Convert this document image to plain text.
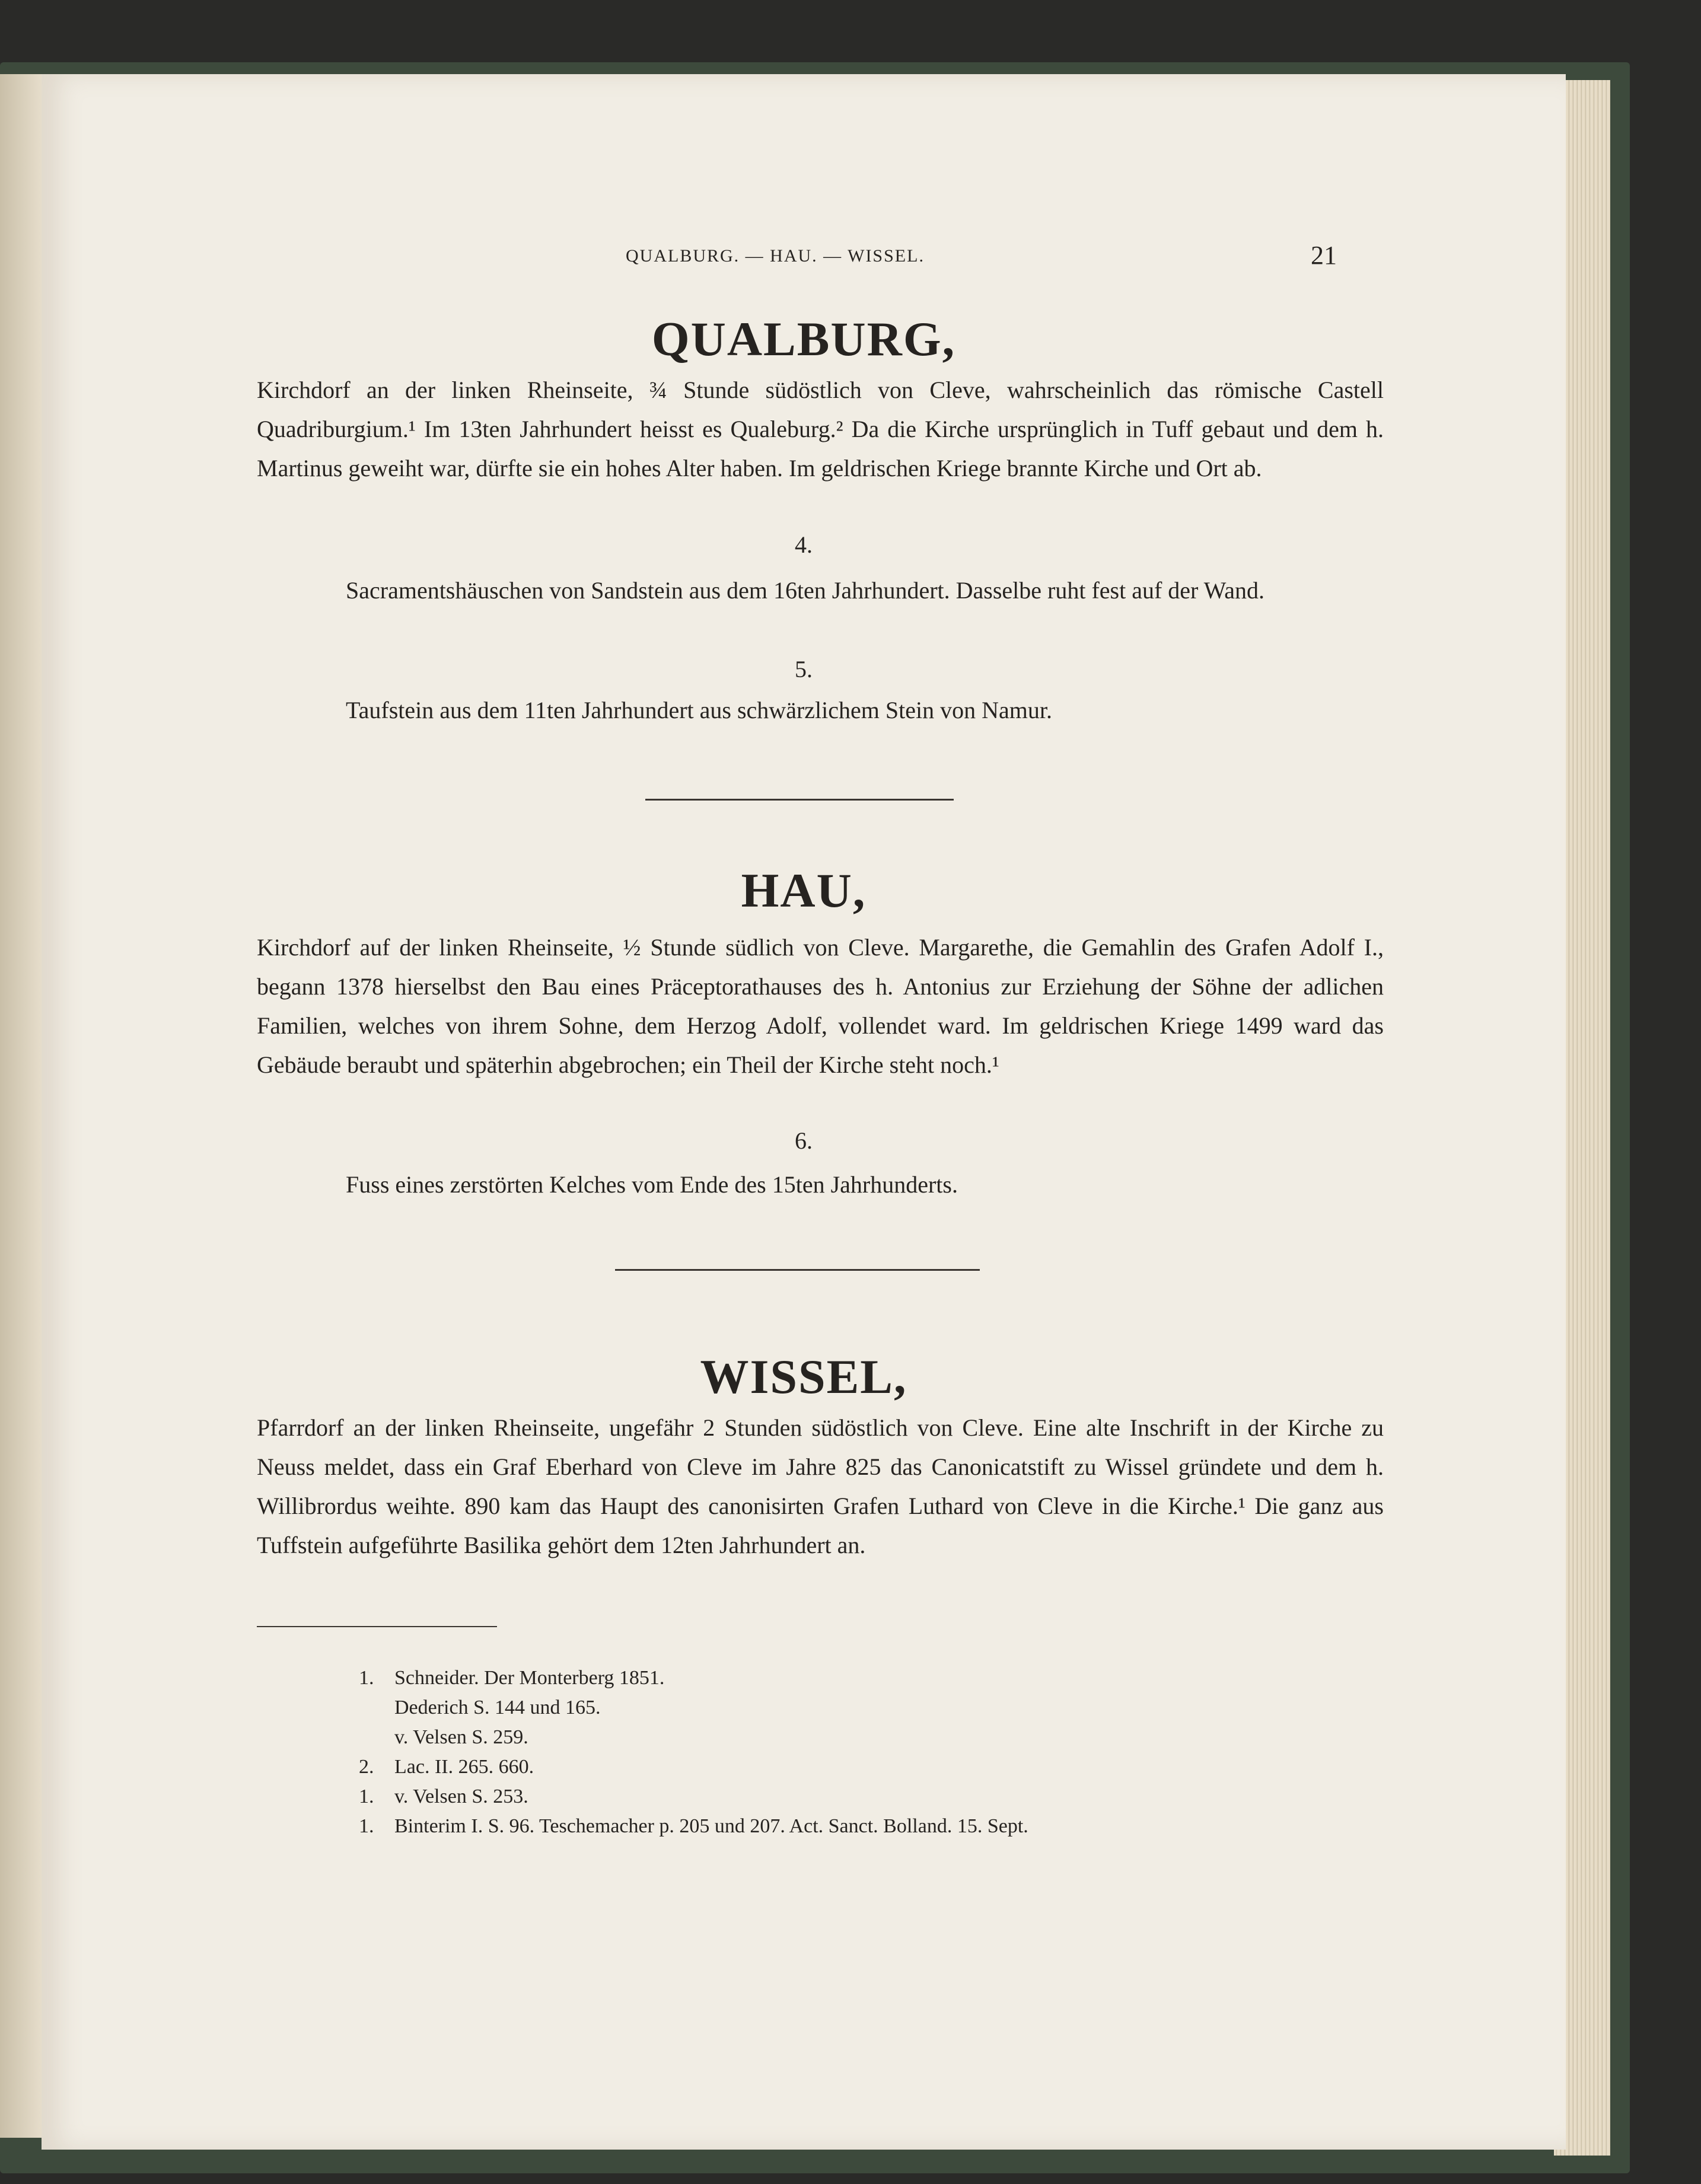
QUALBURG. — HAU. — WISSEL.	21
QUALBURG,
Kirchdorf an der linken Rheinseite, ¾ Stunde südöstlich von Cleve, wahrscheinlich das römische Castell Quadriburgium.¹ Im 13ten Jahrhundert heisst es Qualeburg.² Da die Kirche ursprünglich in Tuff gebaut und dem h. Martinus geweiht war, dürfte sie ein hohes Alter haben. Im geldrischen Kriege brannte Kirche und Ort ab.
4.
Sacramentshäuschen von Sandstein aus dem 16ten Jahrhundert. Dasselbe ruht fest auf der Wand.
5.
Taufstein aus dem 11ten Jahrhundert aus schwärzlichem Stein von Namur.
HAU,
Kirchdorf auf der linken Rheinseite, ½ Stunde südlich von Cleve. Margarethe, die Gemahlin des Grafen Adolf I., begann 1378 hierselbst den Bau eines Präceptorathauses des h. Antonius zur Erziehung der Söhne der adlichen Familien, welches von ihrem Sohne, dem Herzog Adolf, vollendet ward. Im geldrischen Kriege 1499 ward das Gebäude beraubt und späterhin abgebrochen; ein Theil der Kirche steht noch.¹
6.
Fuss eines zerstörten Kelches vom Ende des 15ten Jahrhunderts.
WISSEL,
Pfarrdorf an der linken Rheinseite, ungefähr 2 Stunden südöstlich von Cleve. Eine alte Inschrift in der Kirche zu Neuss meldet, dass ein Graf Eberhard von Cleve im Jahre 825 das Canonicatstift zu Wissel gründete und dem h. Willibrordus weihte. 890 kam das Haupt des canonisirten Grafen Luthard von Cleve in die Kirche.¹ Die ganz aus Tuffstein aufgeführte Basilika gehört dem 12ten Jahrhundert an.
1. Schneider. Der Monterberg 1851.
Dederich S. 144 und 165.
v. Velsen S. 259.
2. Lac. II. 265. 660.
1. v. Velsen S. 253.
1. Binterim I. S. 96. Teschemacher p. 205 und 207. Act. Sanct. Bolland. 15. Sept.
